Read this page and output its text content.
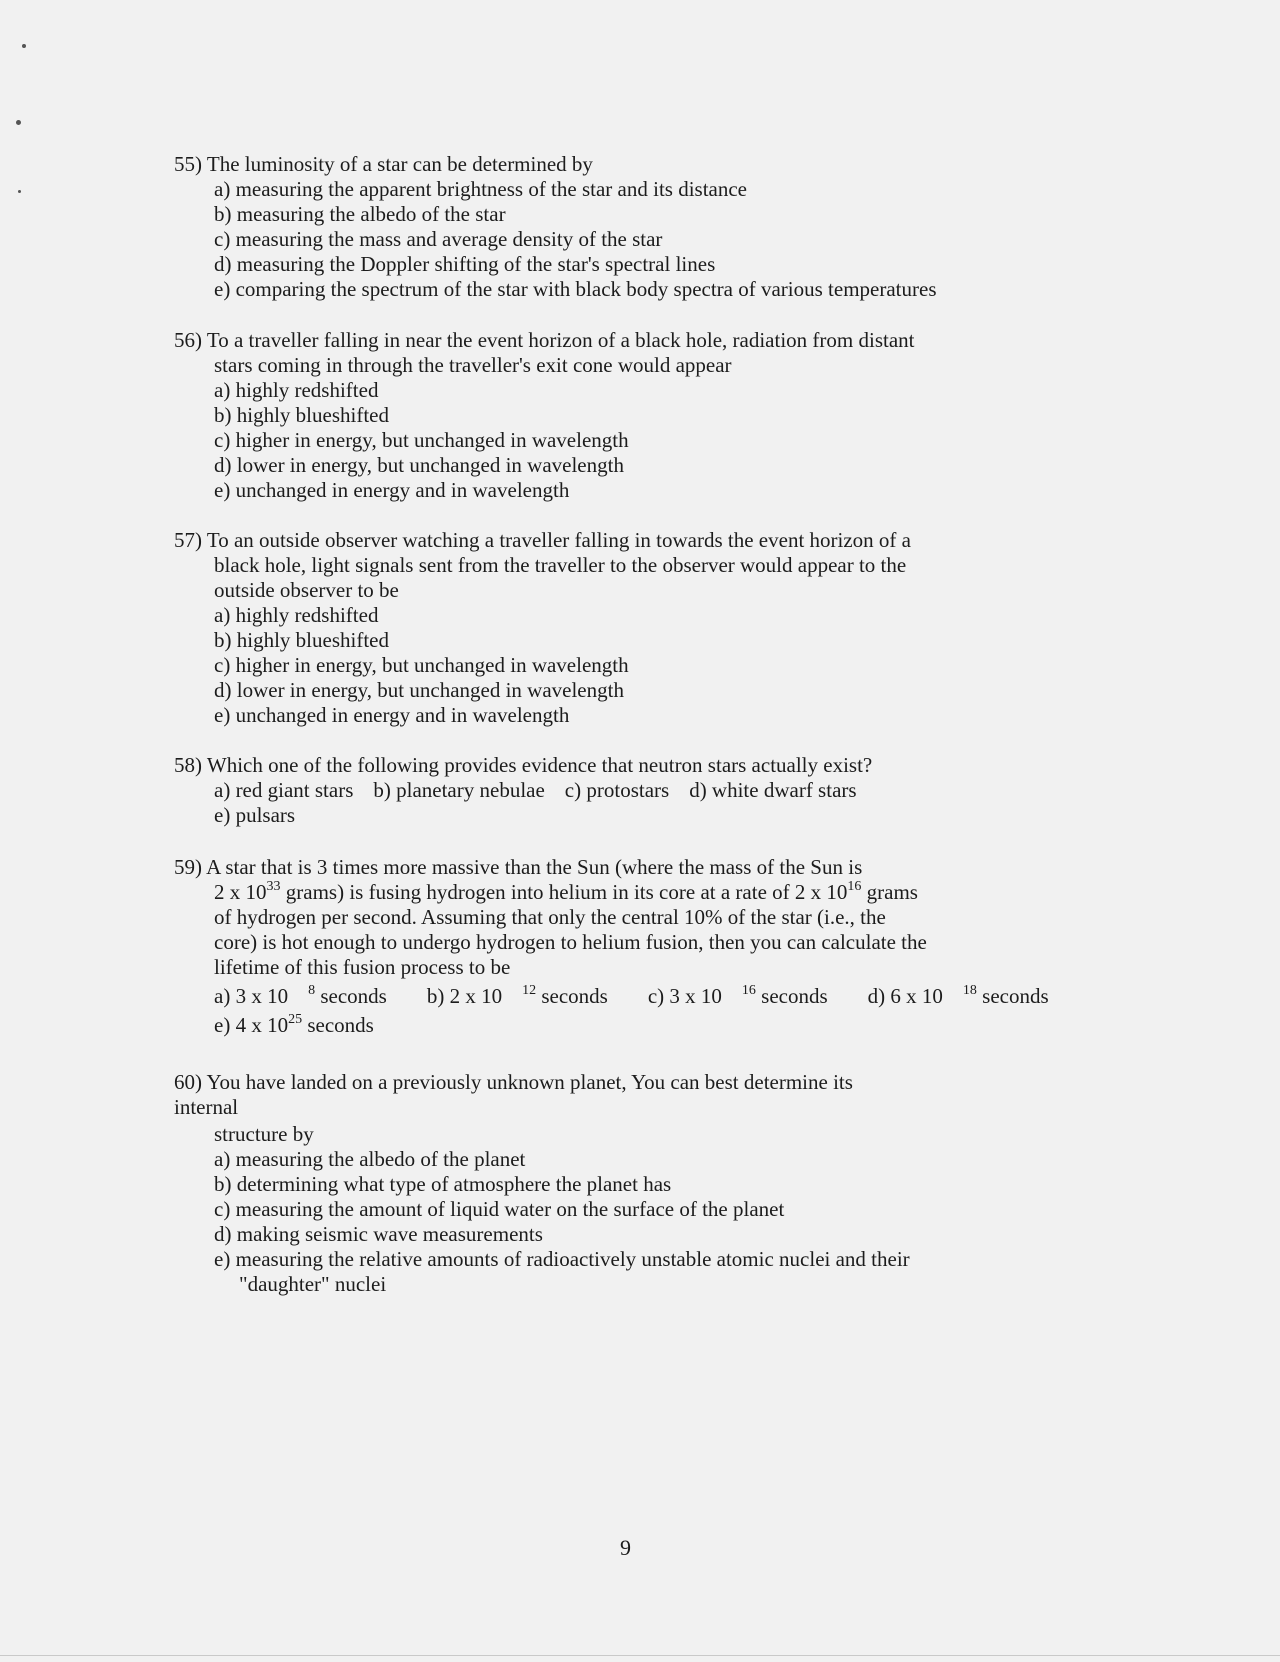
55) The luminosity of a star can be determined by
a) measuring the apparent brightness of the star and its distance
b) measuring the albedo of the star
c) measuring the mass and average density of the star
d) measuring the Doppler shifting of the star's spectral lines
e) comparing the spectrum of the star with black body spectra of various temperatures
56) To a traveller falling in near the event horizon of a black hole, radiation from distant
stars coming in through the traveller's exit cone would appear
a) highly redshifted
b) highly blueshifted
c) higher in energy, but unchanged in wavelength
d) lower in energy, but unchanged in wavelength
e) unchanged in energy and in wavelength
57) To an outside observer watching a traveller falling in towards the event horizon of a
black hole, light signals sent from the traveller to the observer would appear to the
outside observer to be
a) highly redshifted
b) highly blueshifted
c) higher in energy, but unchanged in wavelength
d) lower in energy, but unchanged in wavelength
e) unchanged in energy and in wavelength
58) Which one of the following provides evidence that neutron stars actually exist?
a) red giant stars b) planetary nebulae c) protostars d) white dwarf stars
e) pulsars
59) A star that is 3 times more massive than the Sun (where the mass of the Sun is
2 x $10^{33}$ grams) is fusing hydrogen into helium in its core at a rate of 2 x $10^{16}$ grams
of hydrogen per second. Assuming that only the central 10% of the star (i.e., the
core) is hot enough to undergo hydrogen to helium fusion, then you can calculate the
lifetime of this fusion process to be
a) 3 x 10 $^8$ seconds b) 2 x 10 $^{12}$ seconds c) 3 x 10 $^{16}$ seconds d) 6 x 10 $^{18}$ seconds
e) 4 x $10^{25}$ seconds
60) You have landed on a previously unknown planet, You can best determine its
internal
structure by
a) measuring the albedo of the planet
b) determining what type of atmosphere the planet has
c) measuring the amount of liquid water on the surface of the planet
d) making seismic wave measurements
e) measuring the relative amounts of radioactively unstable atomic nuclei and their
"daughter" nuclei
9
